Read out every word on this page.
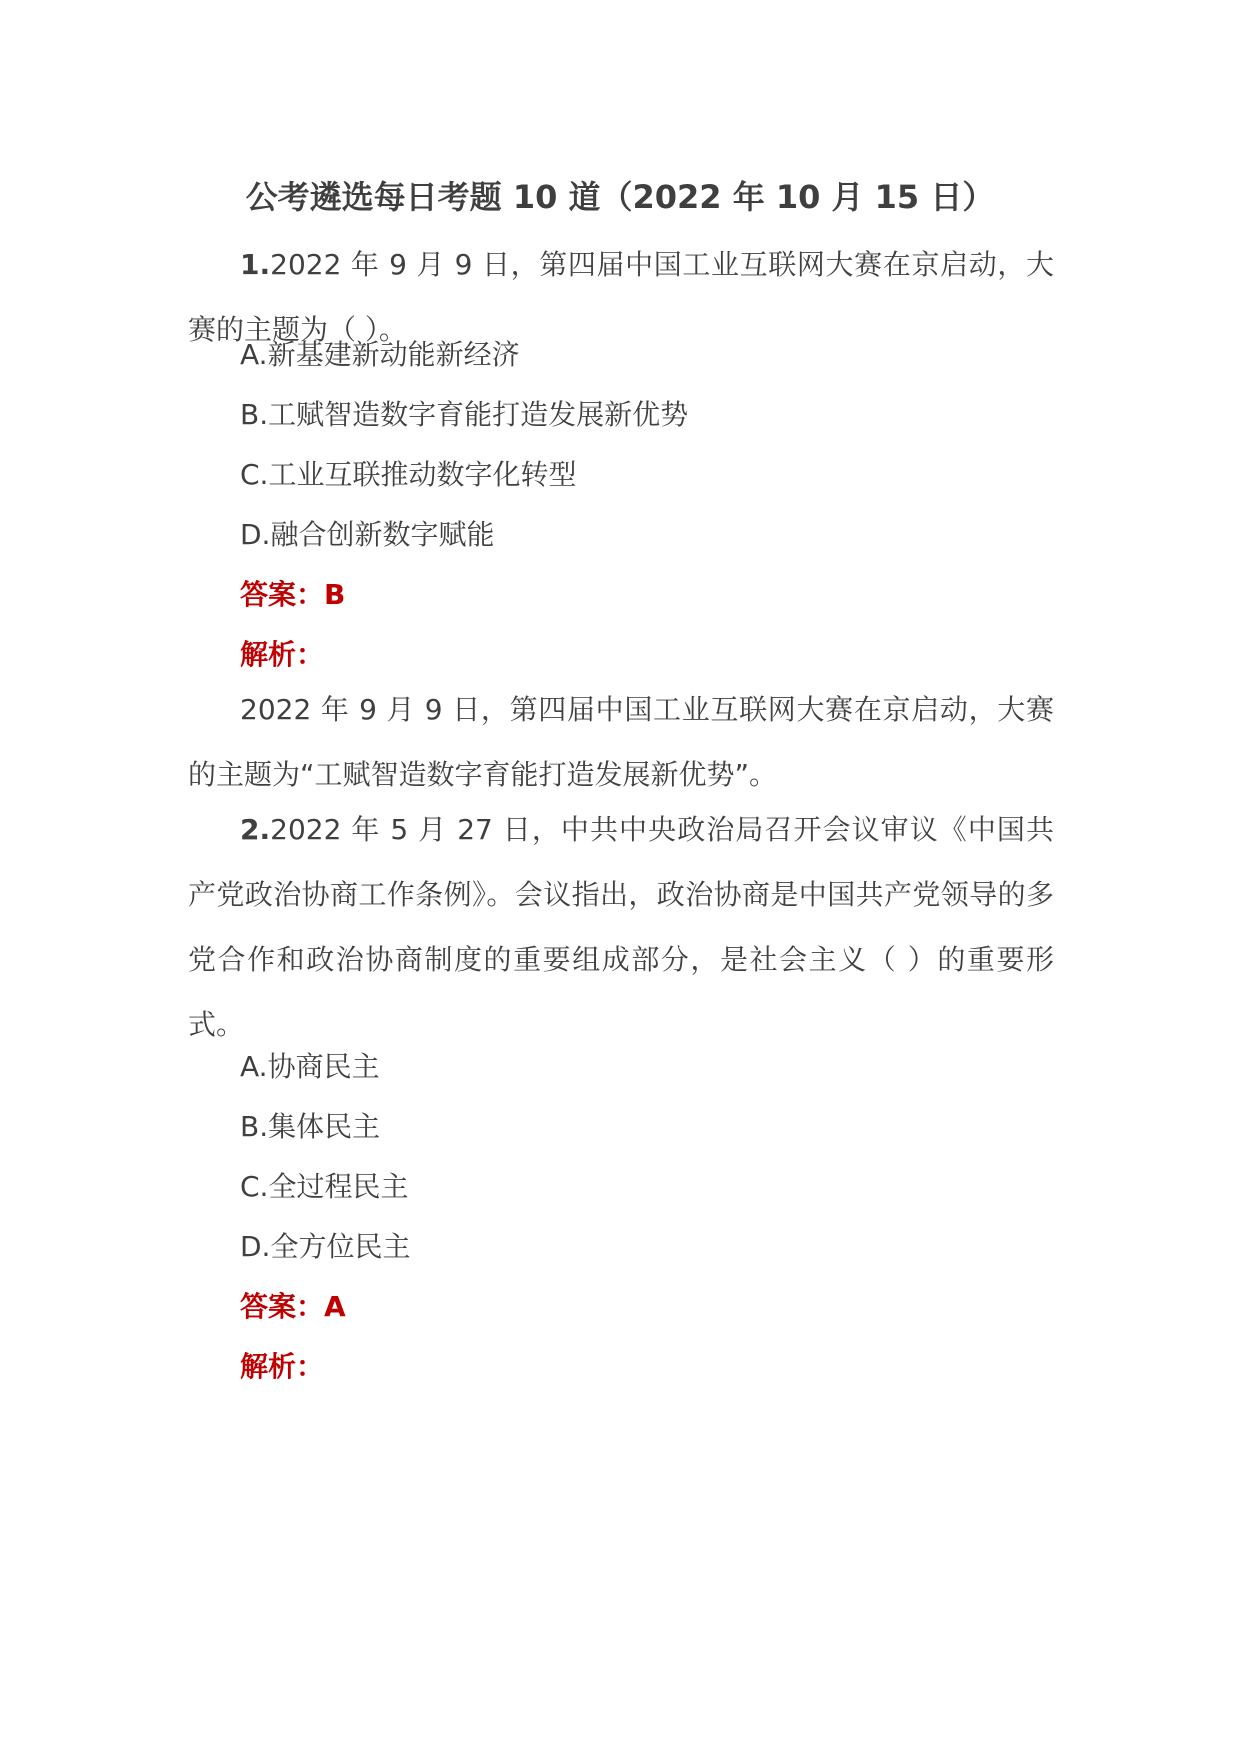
公考遴选每日考题 10 道（2022 年 10 月 15 日）

1.2022 年 9 月 9 日，第四届中国工业互联网大赛在京启动，大赛的主题为（ ）。

A.新基建新动能新经济

B.工赋智造数字育能打造发展新优势

C.工业互联推动数字化转型

D.融合创新数字赋能

答案：B

解析：

2022 年 9 月 9 日，第四届中国工业互联网大赛在京启动，大赛的主题为“工赋智造数字育能打造发展新优势”。

2.2022 年 5 月 27 日，中共中央政治局召开会议审议《中国共产党政治协商工作条例》。会议指出，政治协商是中国共产党领导的多党合作和政治协商制度的重要组成部分，是社会主义（ ）的重要形式。

A.协商民主

B.集体民主

C.全过程民主

D.全方位民主

答案：A

解析：
